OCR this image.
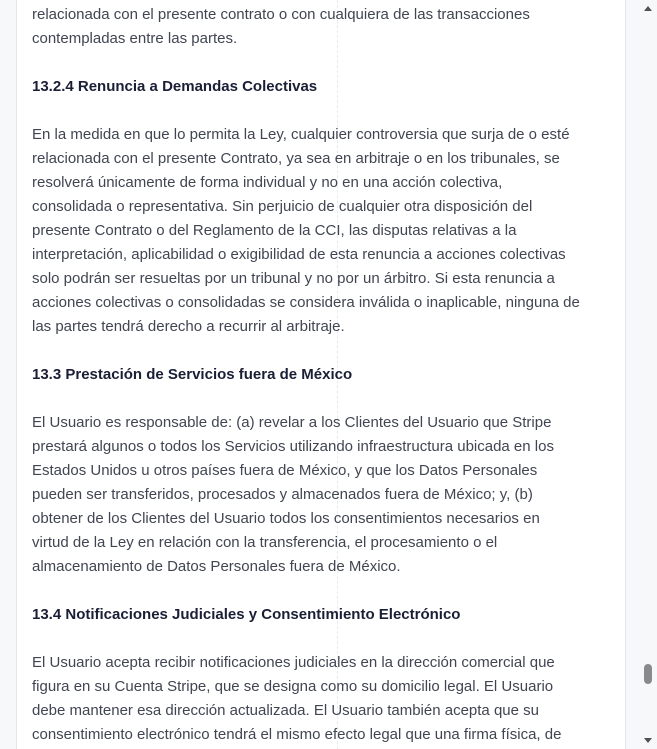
relacionada con el presente contrato o con cualquiera de las transacciones
contempladas entre las partes.

13.2.4 Renuncia a Demandas Colectivas

En la medida en que lo permita la Ley, cualquier controversia que surja de o esté
relacionada con el presente Contrato, ya sea en arbitraje o en los tribunales, se
resolverá únicamente de forma individual y no en una acción colectiva,
consolidada o representativa. Sin perjuicio de cualquier otra disposición del
presente Contrato o del Reglamento de la CCI, las disputas relativas a la
interpretación, aplicabilidad o exigibilidad de esta renuncia a acciones colectivas
solo podrán ser resueltas por un tribunal y no por un árbitro. Si esta renuncia a
acciones colectivas o consolidadas se considera inválida o inaplicable, ninguna de
las partes tendrá derecho a recurrir al arbitraje.

13.3 Prestación de Servicios fuera de México

El Usuario es responsable de: (a) revelar a los Clientes del Usuario que Stripe
prestará algunos o todos los Servicios utilizando infraestructura ubicada en los
Estados Unidos u otros países fuera de México, y que los Datos Personales
pueden ser transferidos, procesados y almacenados fuera de México; y, (b)
obtener de los Clientes del Usuario todos los consentimientos necesarios en
virtud de la Ley en relación con la transferencia, el procesamiento o el
almacenamiento de Datos Personales fuera de México.

13.4 Notificaciones Judiciales y Consentimiento Electrónico

El Usuario acepta recibir notificaciones judiciales en la dirección comercial que
figura en su Cuenta Stripe, que se designa como su domicilio legal. El Usuario
debe mantener esa dirección actualizada. El Usuario también acepta que su
consentimiento electrónico tendrá el mismo efecto legal que una firma física, de
